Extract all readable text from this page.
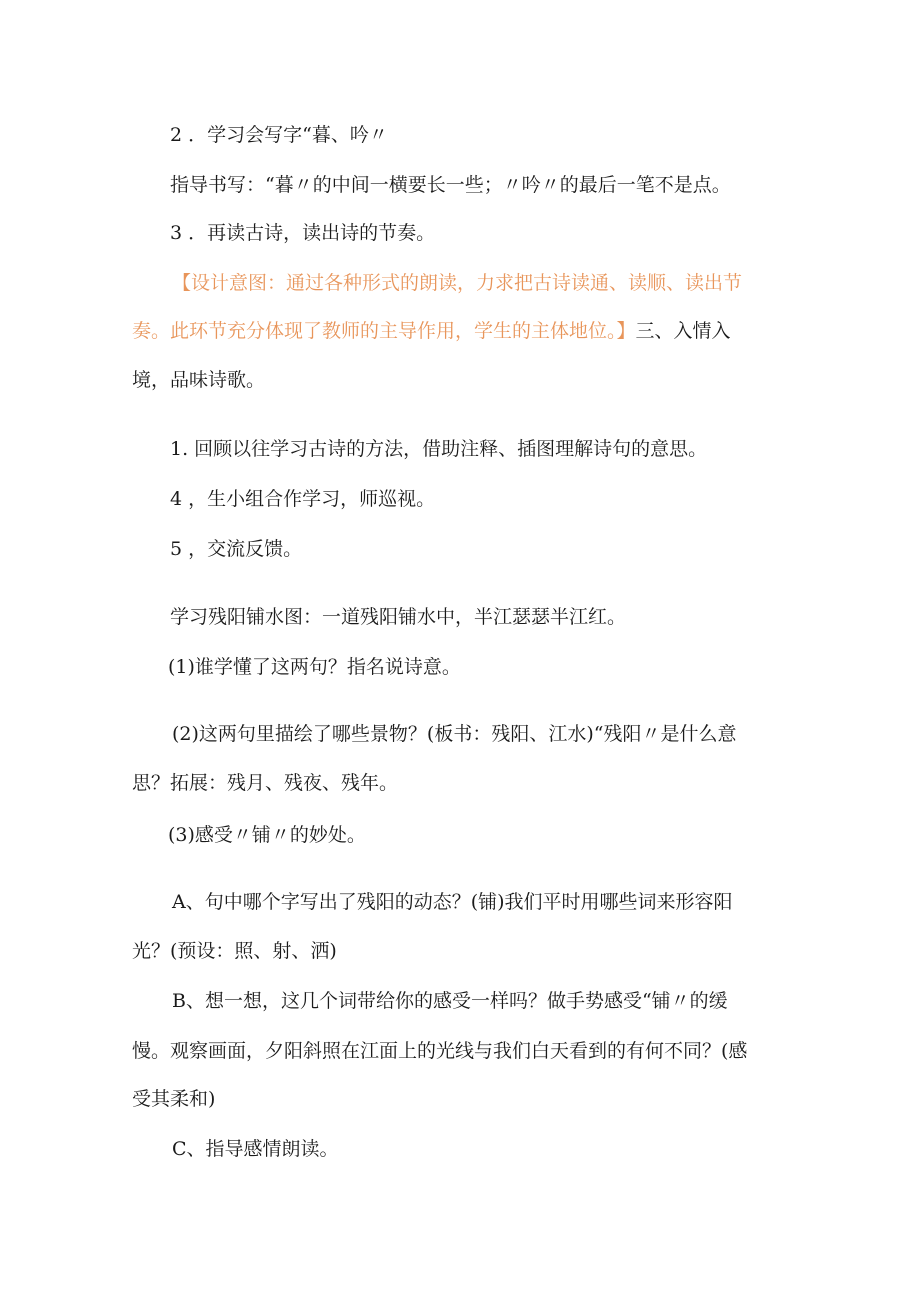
2 ．学习会写字“暮、吟〃
指导书写：“暮〃的中间一横要长一些；〃吟〃的最后一笔不是点。
3 ．再读古诗，读出诗的节奏。
【设计意图：通过各种形式的朗读，力求把古诗读通、读顺、读出节
奏。此环节充分体现了教师的主导作用，学生的主体地位。】三、入情入
境，品味诗歌。
1. 回顾以往学习古诗的方法，借助注释、插图理解诗句的意思。
4 ，生小组合作学习，师巡视。
5 ，交流反馈。
学习残阳铺水图：一道残阳铺水中，半江瑟瑟半江红。
(1)谁学懂了这两句？指名说诗意。
(2)这两句里描绘了哪些景物？(板书：残阳、江水)“残阳〃是什么意
思？拓展：残月、残夜、残年。
(3)感受〃铺〃的妙处。
A、句中哪个字写出了残阳的动态？(铺)我们平时用哪些词来形容阳
光？(预设：照、射、洒)
B、想一想，这几个词带给你的感受一样吗？做手势感受“铺〃的缓
慢。观察画面，夕阳斜照在江面上的光线与我们白天看到的有何不同？(感
受其柔和)
C、指导感情朗读。
